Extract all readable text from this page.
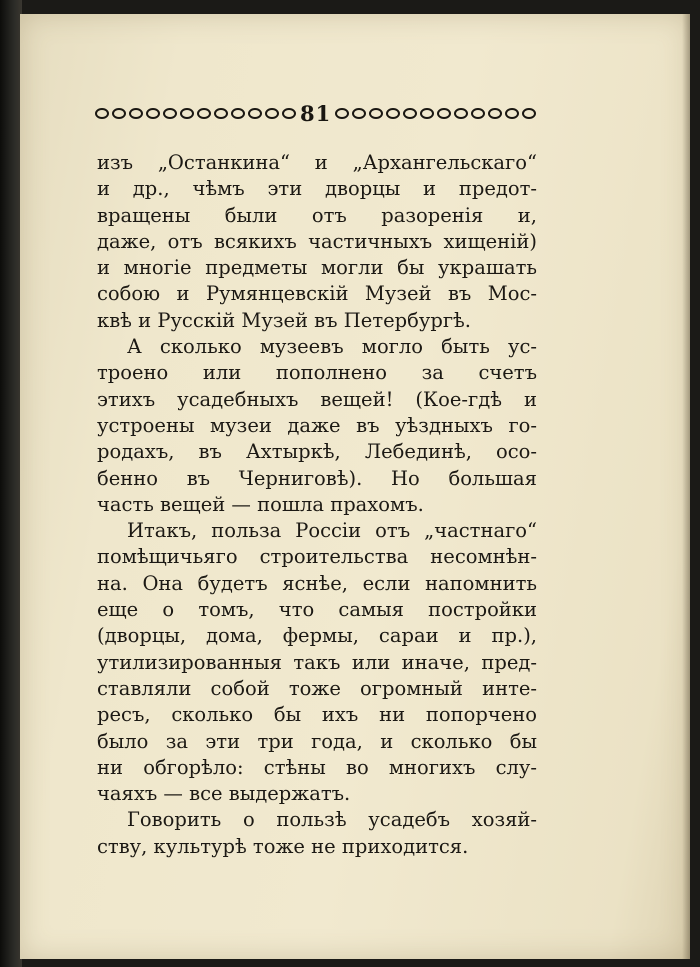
81
изъ „Останкина“ и „Архангельскаго“
и др., чѣмъ эти дворцы и предот-
вращены были отъ разоренія и,
даже, отъ всякихъ частичныхъ хищеній)
и многіе предметы могли бы украшать
собою и Румянцевскій Музей въ Мос-
квѣ и Русскій Музей въ Петербургѣ.
А сколько музеевъ могло быть ус-
троено или пополнено за счетъ
этихъ усадебныхъ вещей! (Кое-гдѣ и
устроены музеи даже въ уѣздныхъ го-
родахъ, въ Ахтыркѣ, Лебединѣ, осо-
бенно въ Черниговѣ). Но большая
часть вещей — пошла прахомъ.
Итакъ, польза Россіи отъ „частнаго“
помѣщичьяго строительства несомнѣн-
на. Она будетъ яснѣе, если напомнить
еще о томъ, что самыя постройки
(дворцы, дома, фермы, сараи и пр.),
утилизированныя такъ или иначе, пред-
ставляли собой тоже огромный инте-
ресъ, сколько бы ихъ ни попорчено
было за эти три года, и сколько бы
ни обгорѣло: стѣны во многихъ слу-
чаяхъ — все выдержатъ.
Говорить о пользѣ усадебъ хозяй-
ству, культурѣ тоже не приходится.
